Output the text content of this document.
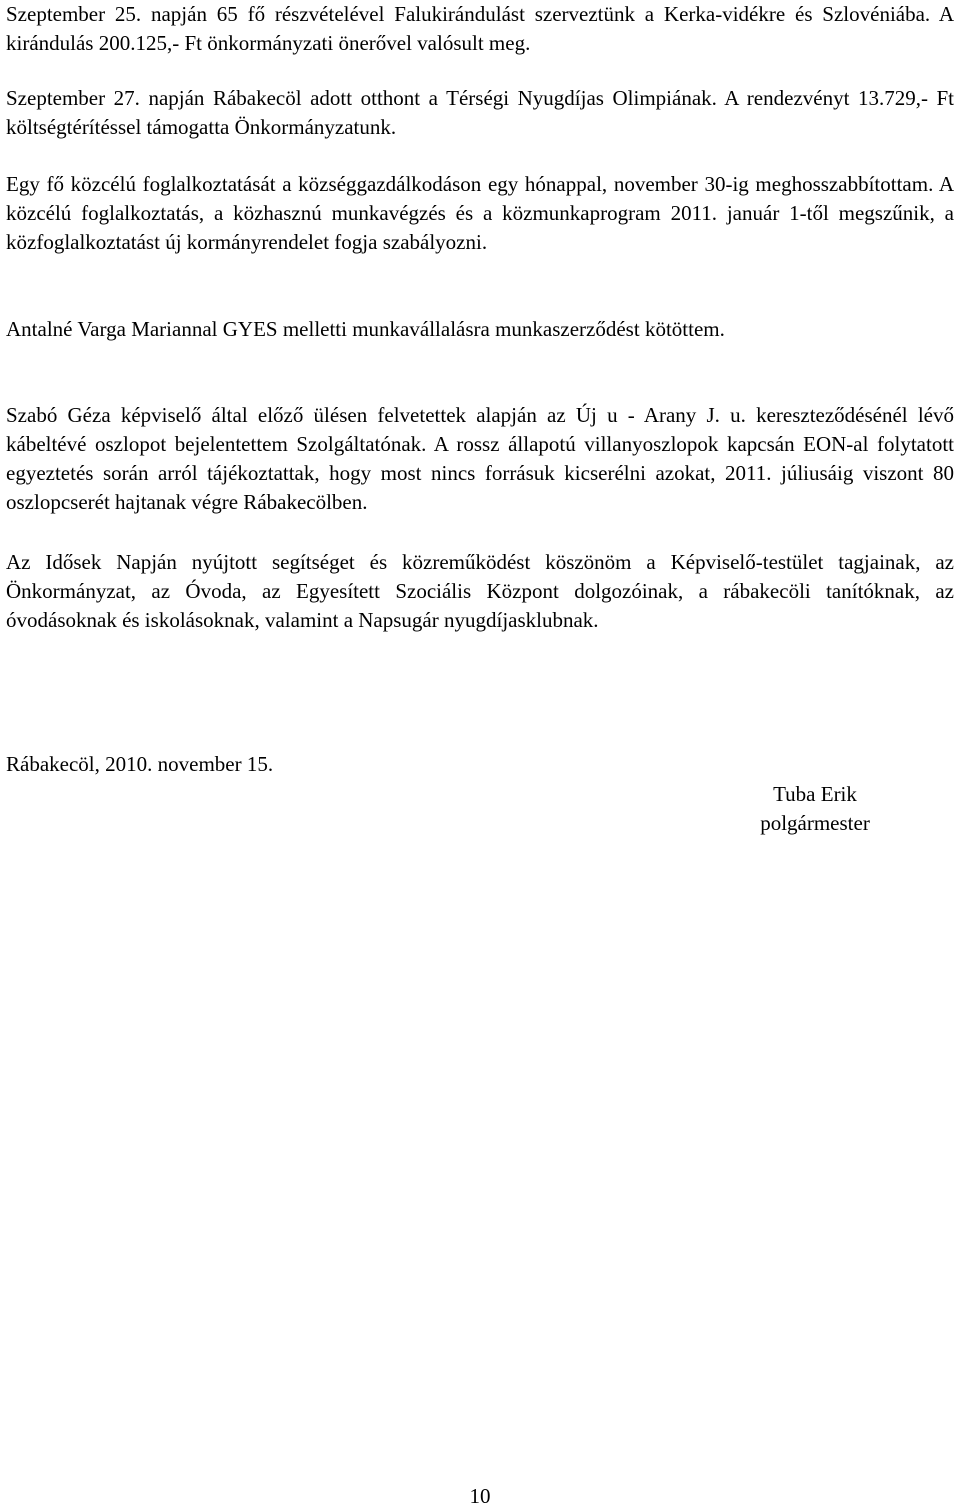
Szeptember 25. napján 65 fő részvételével Falukirándulást szerveztünk a Kerka-vidékre és Szlovéniába. A kirándulás 200.125,- Ft önkormányzati önerővel valósult meg.

Szeptember 27. napján Rábakecöl adott otthont a Térségi Nyugdíjas Olimpiának. A rendezvényt 13.729,- Ft költségtérítéssel támogatta Önkormányzatunk.

Egy fő közcélú foglalkoztatását a községgazdálkodáson egy hónappal, november 30-ig meghosszabbítottam. A közcélú foglalkoztatás, a közhasznú munkavégzés és a közmunkaprogram 2011. január 1-től megszűnik, a közfoglalkoztatást új kormányrendelet fogja szabályozni.

Antalné Varga Mariannal GYES melletti munkavállalásra munkaszerződést kötöttem.

Szabó Géza képviselő által előző ülésen felvetettek alapján az Új u - Arany J. u. kereszteződésénél lévő kábeltévé oszlopot bejelentettem Szolgáltatónak. A rossz állapotú villanyoszlopok kapcsán EON-al folytatott egyeztetés során arról tájékoztattak, hogy most nincs forrásuk kicserélni azokat, 2011. júliusáig viszont 80 oszlopcserét hajtanak végre Rábakecölben.

Az Idősek Napján nyújtott segítséget és közreműködést köszönöm a Képviselő-testület tagjainak, az Önkormányzat, az Óvoda, az Egyesített Szociális Központ dolgozóinak, a rábakecöli tanítóknak, az óvodásoknak és iskolásoknak, valamint a Napsugár nyugdíjasklubnak.

Rábakecöl, 2010. november 15.

Tuba Erik
polgármester
10
